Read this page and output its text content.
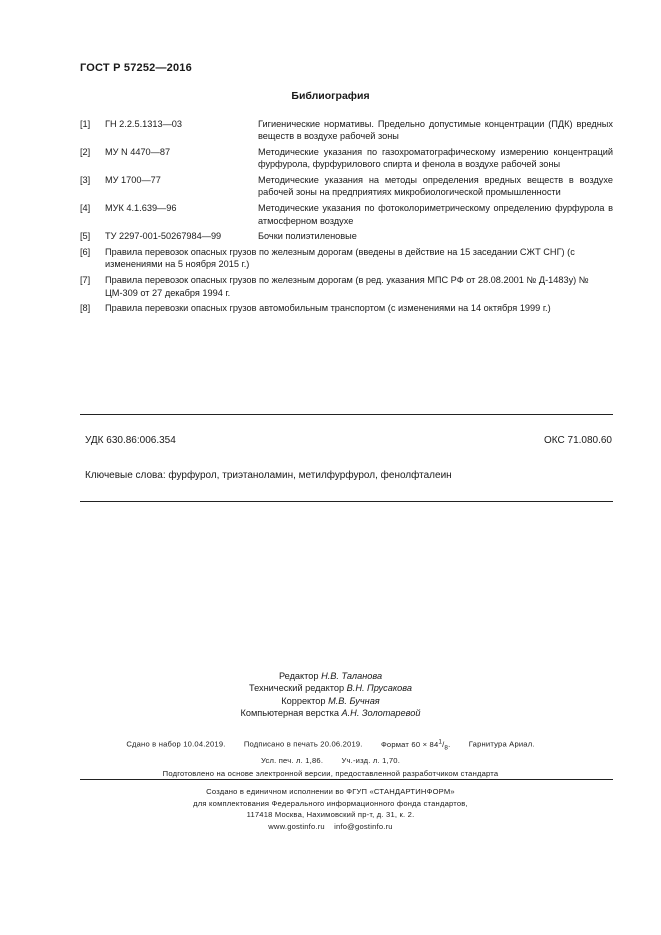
ГОСТ Р 57252—2016
Библиография
[1] ГН 2.2.5.1313—03	Гигиенические нормативы. Предельно допустимые концентрации (ПДК) вредных веществ в воздухе рабочей зоны
[2] МУ N 4470—87	Методические указания по газохроматографическому измерению концентраций фурфурола, фурфурилового спирта и фенола в воздухе рабочей зоны
[3] МУ 1700—77	Методические указания на методы определения вредных веществ в воздухе рабочей зоны на предприятиях микробиологической промышленности
[4] МУК 4.1.639—96	Методические указания по фотоколориметрическому определению фурфурола в атмосферном воздухе
[5] ТУ 2297-001-50267984—99	Бочки полиэтиленовые
[6] Правила перевозок опасных грузов по железным дорогам (введены в действие на 15 заседании СЖТ СНГ) (с изменениями на 5 ноября 2015 г.)
[7] Правила перевозок опасных грузов по железным дорогам (в ред. указания МПС РФ от 28.08.2001 № Д-1483у) № ЦМ-309 от 27 декабря 1994 г.
[8] Правила перевозки опасных грузов автомобильным транспортом (с изменениями на 14 октября 1999 г.)
УДК 630.86:006.354	ОКС 71.080.60
Ключевые слова: фурфурол, триэтаноламин, метилфурфурол, фенолфталеин
Редактор Н.В. Таланова
Технический редактор В.Н. Прусакова
Корректор М.В. Бучная
Компьютерная верстка А.Н. Золотаревой
Сдано в набор 10.04.2019. Подписано в печать 20.06.2019. Формат $60 \times 84^1/_8$. Гарнитура Ариал.
Усл. печ. л. 1,86. Уч.-изд. л. 1,70.
Подготовлено на основе электронной версии, предоставленной разработчиком стандарта
Создано в единичном исполнении во ФГУП «СТАНДАРТИНФОРМ»
для комплектования Федерального информационного фонда стандартов,
117418 Москва, Нахимовский пр-т, д. 31, к. 2.
www.gostinfo.ru info@gostinfo.ru
